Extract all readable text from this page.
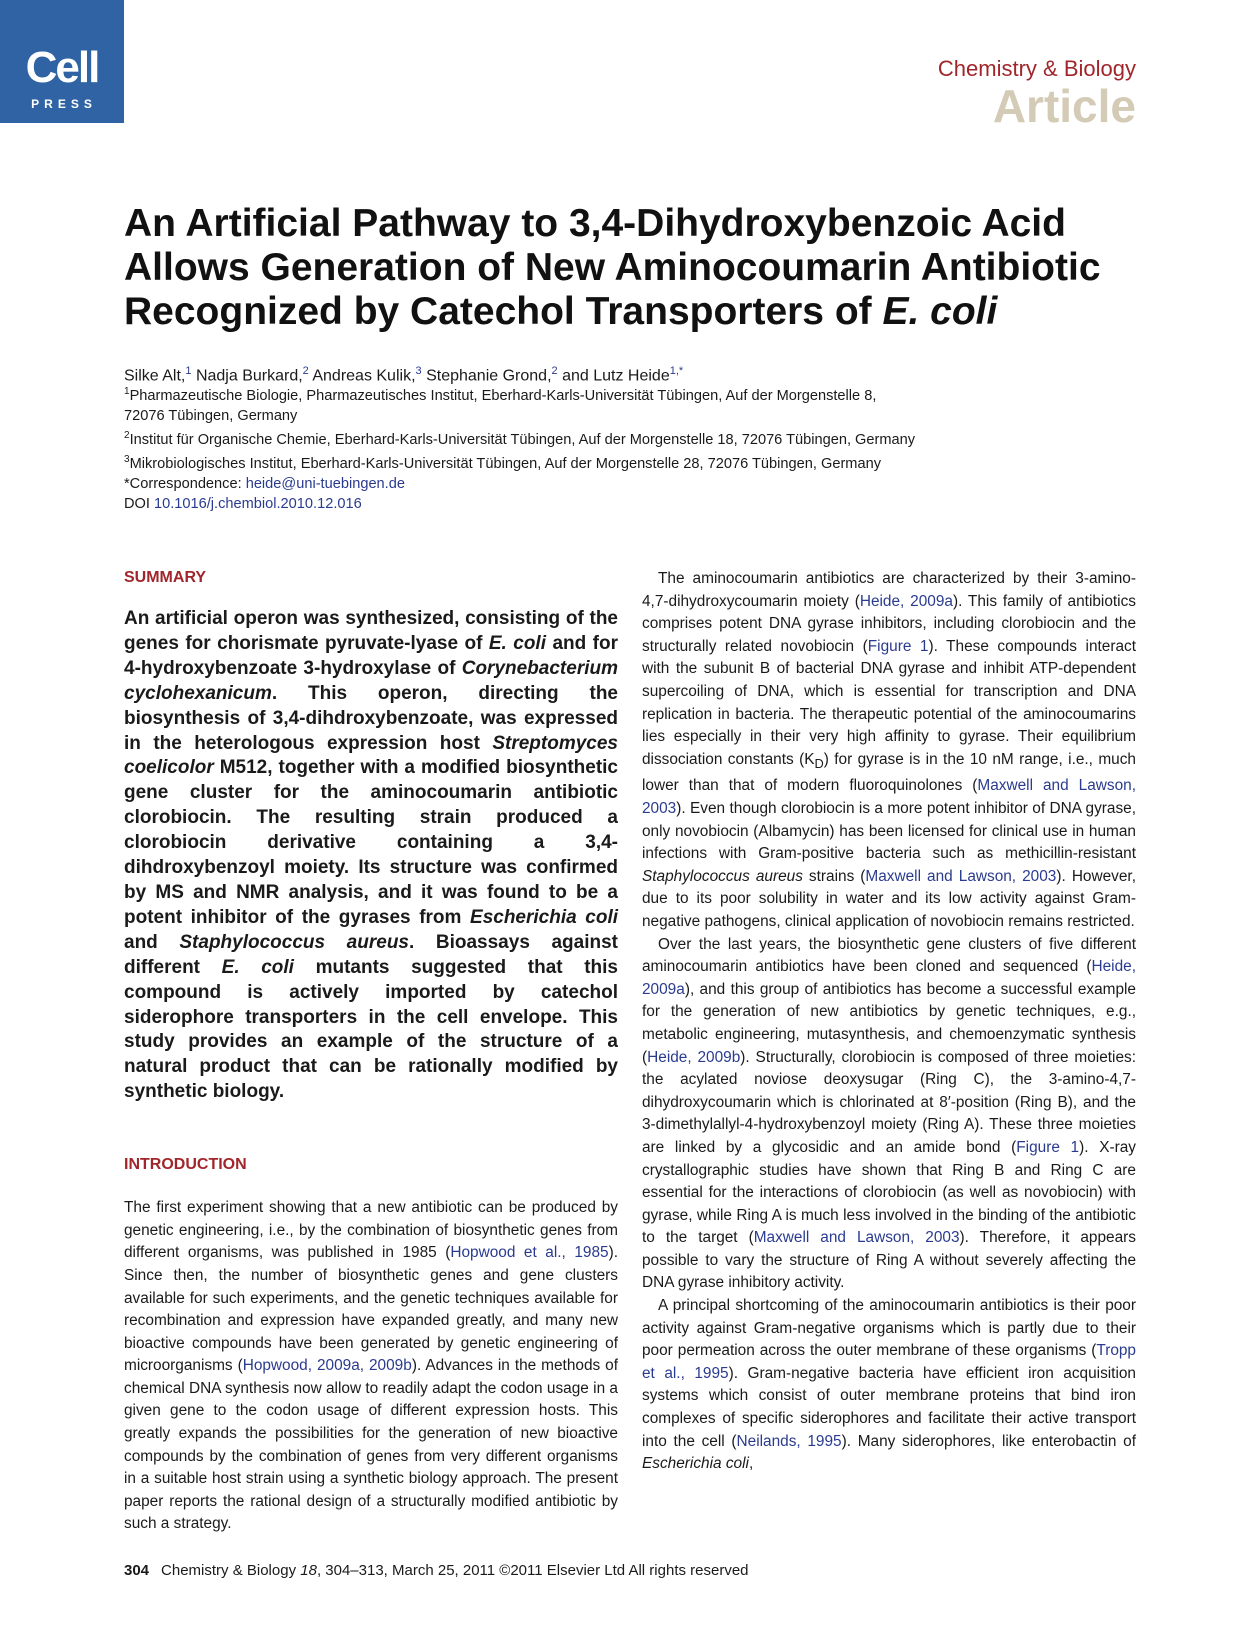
Cell
PRESS
Chemistry & Biology
Article
An Artificial Pathway to 3,4-Dihydroxybenzoic Acid
Allows Generation of New Aminocoumarin Antibiotic
Recognized by Catechol Transporters of E. coli

Silke Alt,$^1$ Nadja Burkard,$^2$ Andreas Kulik,$^3$ Stephanie Grond,$^2$ and Lutz Heide$^{1,*}$

$^1$Pharmazeutische Biologie, Pharmazeutisches Institut, Eberhard-Karls-Universität Tübingen, Auf der Morgenstelle 8,
72076 Tübingen, Germany
$^2$Institut für Organische Chemie, Eberhard-Karls-Universität Tübingen, Auf der Morgenstelle 18, 72076 Tübingen, Germany
$^3$Mikrobiologisches Institut, Eberhard-Karls-Universität Tübingen, Auf der Morgenstelle 28, 72076 Tübingen, Germany
*Correspondence: heide@uni-tuebingen.de
DOI 10.1016/j.chembiol.2010.12.016
SUMMARY

An artificial operon was synthesized, consisting of the genes for chorismate pyruvate-lyase of E. coli and for 4-hydroxybenzoate 3-hydroxylase of Corynebacterium cyclohexanicum. This operon, directing the biosynthesis of 3,4-dihdroxybenzoate, was expressed in the heterologous expression host Streptomyces coelicolor M512, together with a modified biosynthetic gene cluster for the aminocoumarin antibiotic clorobiocin. The resulting strain produced a clorobiocin derivative containing a 3,4-dihdroxybenzoyl moiety. Its structure was confirmed by MS and NMR analysis, and it was found to be a potent inhibitor of the gyrases from Escherichia coli and Staphylococcus aureus. Bioassays against different E. coli mutants suggested that this compound is actively imported by catechol siderophore transporters in the cell envelope. This study provides an example of the structure of a natural product that can be rationally modified by synthetic biology.

INTRODUCTION

The first experiment showing that a new antibiotic can be produced by genetic engineering, i.e., by the combination of biosynthetic genes from different organisms, was published in 1985 (Hopwood et al., 1985). Since then, the number of biosynthetic genes and gene clusters available for such experiments, and the genetic techniques available for recombination and expression have expanded greatly, and many new bioactive compounds have been generated by genetic engineering of microorganisms (Hopwood, 2009a, 2009b). Advances in the methods of chemical DNA synthesis now allow to readily adapt the codon usage in a given gene to the codon usage of different expression hosts. This greatly expands the possibilities for the generation of new bioactive compounds by the combination of genes from very different organisms in a suitable host strain using a synthetic biology approach. The present paper reports the rational design of a structurally modified antibiotic by such a strategy.

The aminocoumarin antibiotics are characterized by their 3-amino-4,7-dihydroxycoumarin moiety (Heide, 2009a). This family of antibiotics comprises potent DNA gyrase inhibitors, including clorobiocin and the structurally related novobiocin (Figure 1). These compounds interact with the subunit B of bacterial DNA gyrase and inhibit ATP-dependent supercoiling of DNA, which is essential for transcription and DNA replication in bacteria. The therapeutic potential of the aminocoumarins lies especially in their very high affinity to gyrase. Their equilibrium dissociation constants $(K_D)$ for gyrase is in the 10 nM range, i.e., much lower than that of modern fluoroquinolones (Maxwell and Lawson, 2003). Even though clorobiocin is a more potent inhibitor of DNA gyrase, only novobiocin (Albamycin) has been licensed for clinical use in human infections with Gram-positive bacteria such as methicillin-resistant Staphylococcus aureus strains (Maxwell and Lawson, 2003). However, due to its poor solubility in water and its low activity against Gram-negative pathogens, clinical application of novobiocin remains restricted.

Over the last years, the biosynthetic gene clusters of five different aminocoumarin antibiotics have been cloned and sequenced (Heide, 2009a), and this group of antibiotics has become a successful example for the generation of new antibiotics by genetic techniques, e.g., metabolic engineering, mutasynthesis, and chemoenzymatic synthesis (Heide, 2009b). Structurally, clorobiocin is composed of three moieties: the acylated noviose deoxysugar (Ring C), the 3-amino-4,7-dihydroxycoumarin which is chlorinated at 8′-position (Ring B), and the 3-dimethylallyl-4-hydroxybenzoyl moiety (Ring A). These three moieties are linked by a glycosidic and an amide bond (Figure 1). X-ray crystallographic studies have shown that Ring B and Ring C are essential for the interactions of clorobiocin (as well as novobiocin) with gyrase, while Ring A is much less involved in the binding of the antibiotic to the target (Maxwell and Lawson, 2003). Therefore, it appears possible to vary the structure of Ring A without severely affecting the DNA gyrase inhibitory activity.

A principal shortcoming of the aminocoumarin antibiotics is their poor activity against Gram-negative organisms which is partly due to their poor permeation across the outer membrane of these organisms (Tropp et al., 1995). Gram-negative bacteria have efficient iron acquisition systems which consist of outer membrane proteins that bind iron complexes of specific siderophores and facilitate their active transport into the cell (Neilands, 1995). Many siderophores, like enterobactin of Escherichia coli,

304 Chemistry & Biology 18, 304–313, March 25, 2011 ©2011 Elsevier Ltd All rights reserved
